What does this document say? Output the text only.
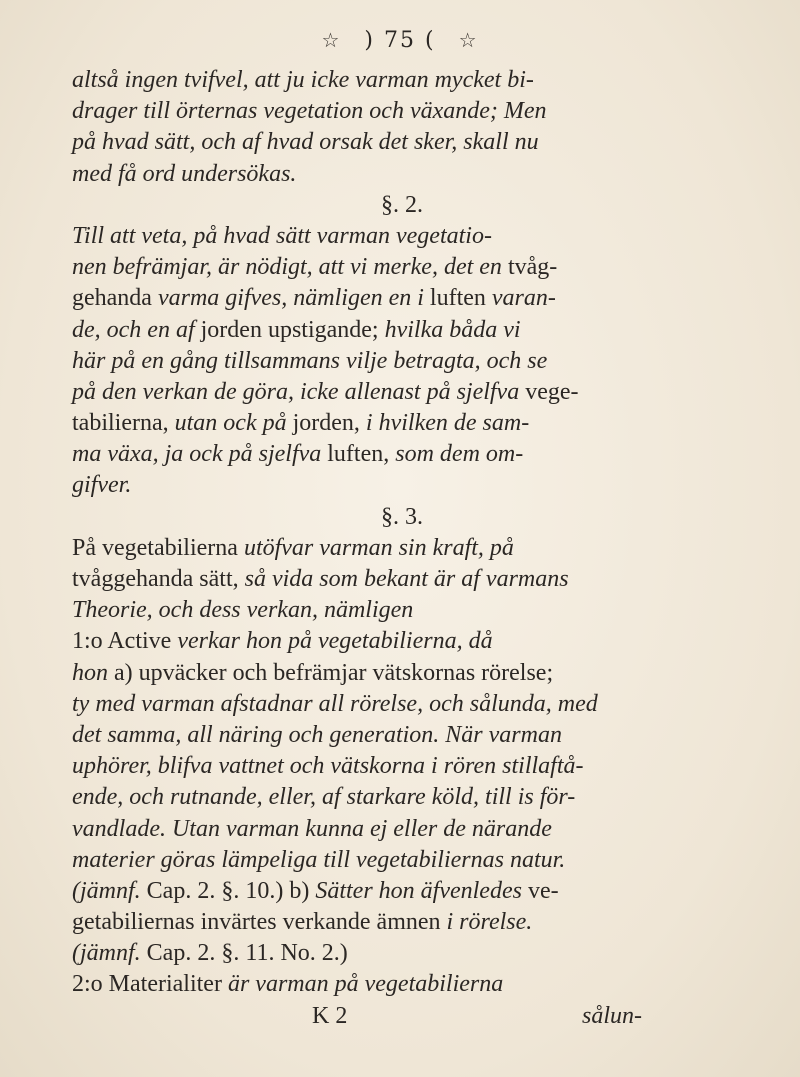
☆ ) 75 ( ☆
altså ingen tvifvel, att ju icke varman mycket bi-
drager till örternas vegetation och växande; Men
på hvad sätt, och af hvad orsak det sker, skall nu
med få ord undersökas.
§. 2.
Till att veta, på hvad sätt varman vegetatio-
nen befrämjar, är nödigt, att vi merke, det en tvåg-
gehanda varma gifves, nämligen en i luften varan-
de, och en af jorden upstigande; hvilka båda vi
här på en gång tillsammans vilje betragta, och se
på den verkan de göra, icke allenast på sjelfva vege-
tabilierna, utan ock på jorden, i hvilken de sam-
ma växa, ja ock på sjelfva luften, som dem om-
gifver.
§. 3.
På vegetabilierna utöfvar varman sin kraft, på
tvåggehanda sätt, så vida som bekant är af varmans
Theorie, och dess verkan, nämligen
1:o Active verkar hon på vegetabilierna, då
hon a) upväcker och befrämjar vätskornas rörelse;
ty med varman afstadnar all rörelse, och sålunda, med
det samma, all näring och generation. När varman
uphörer, blifva vattnet och vätskorna i rören stillaftå-
ende, och rutnande, eller, af starkare köld, till is för-
vandlade. Utan varman kunna ej eller de närande
materier göras lämpeliga till vegetabiliernas natur.
(jämnf. Cap. 2. §. 10.) b) Sätter hon äfvenledes ve-
getabiliernas invärtes verkande ämnen i rörelse.
(jämnf. Cap. 2. §. 11. No. 2.)
2:o Materialiter är varman på vegetabilierna
K 2	sålun-
